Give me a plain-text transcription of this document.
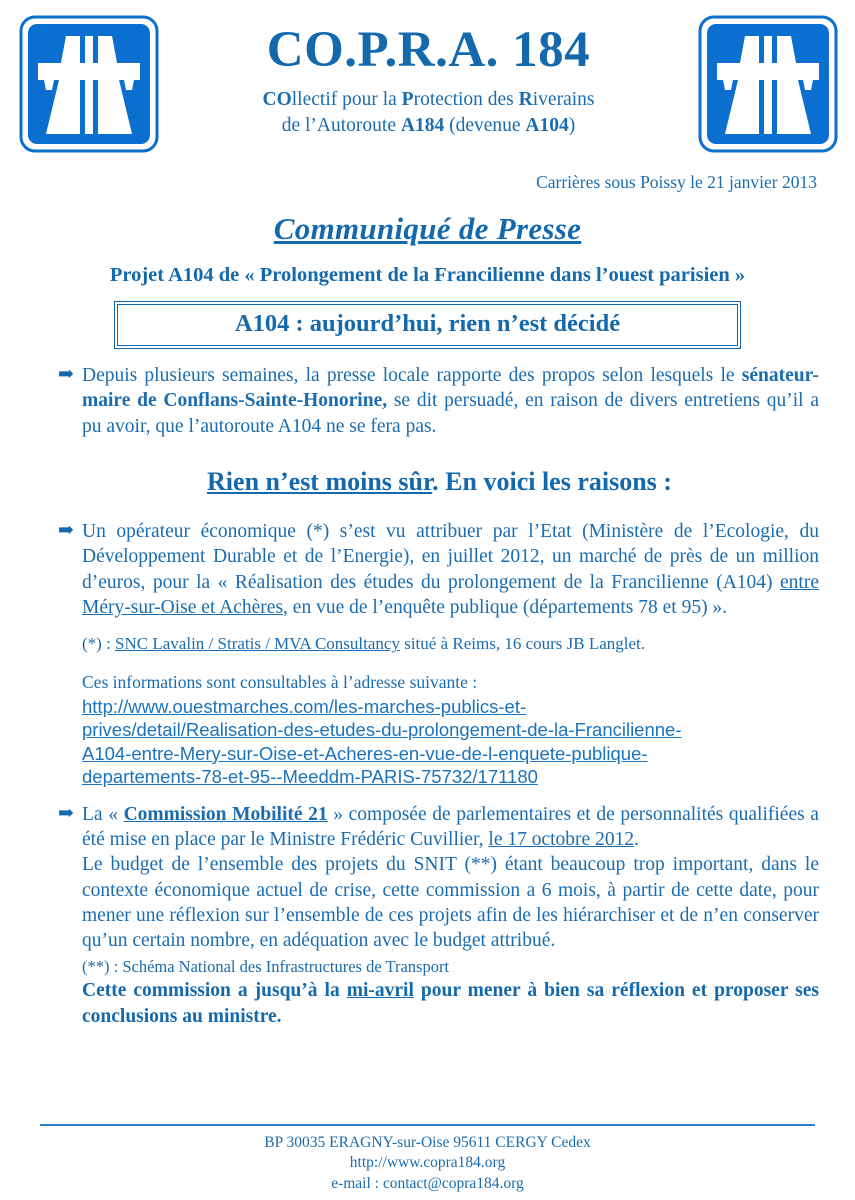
CO.P.R.A. 184
COllectif pour la Protection des Riverains
de l’Autoroute A184 (devenue A104)
Carrières sous Poissy le 21 janvier 2013
Communiqué de Presse
Projet A104 de « Prolongement de la Francilienne dans l’ouest parisien »
A104 : aujourd’hui, rien n’est décidé
➡ Depuis plusieurs semaines, la presse locale rapporte des propos selon lesquels le sénateur-maire de Conflans-Sainte-Honorine, se dit persuadé, en raison de divers entretiens qu’il a pu avoir, que l’autoroute A104 ne se fera pas.
Rien n’est moins sûr. En voici les raisons :
➡ Un opérateur économique (*) s’est vu attribuer par l’Etat (Ministère de l’Ecologie, du Développement Durable et de l’Energie), en juillet 2012, un marché de près de un million d’euros, pour la « Réalisation des études du prolongement de la Francilienne (A104) entre Méry-sur-Oise et Achères, en vue de l’enquête publique (départements 78 et 95) ».
(*) : SNC Lavalin / Stratis / MVA Consultancy situé à Reims, 16 cours JB Langlet.
Ces informations sont consultables à l’adresse suivante :
http://www.ouestmarches.com/les-marches-publics-et-
prives/detail/Realisation-des-etudes-du-prolongement-de-la-Francilienne-
A104-entre-Mery-sur-Oise-et-Acheres-en-vue-de-l-enquete-publique-
departements-78-et-95--Meeddm-PARIS-75732/171180
➡ La « Commission Mobilité 21 » composée de parlementaires et de personnalités qualifiées a été mise en place par le Ministre Frédéric Cuvillier, le 17 octobre 2012.
Le budget de l’ensemble des projets du SNIT (**) étant beaucoup trop important, dans le contexte économique actuel de crise, cette commission a 6 mois, à partir de cette date, pour mener une réflexion sur l’ensemble de ces projets afin de les hiérarchiser et de n’en conserver qu’un certain nombre, en adéquation avec le budget attribué.
(**) : Schéma National des Infrastructures de Transport
Cette commission a jusqu’à la mi-avril pour mener à bien sa réflexion et proposer ses conclusions au ministre.
BP 30035 ERAGNY-sur-Oise 95611 CERGY Cedex
http://www.copra184.org
e-mail : contact@copra184.org
